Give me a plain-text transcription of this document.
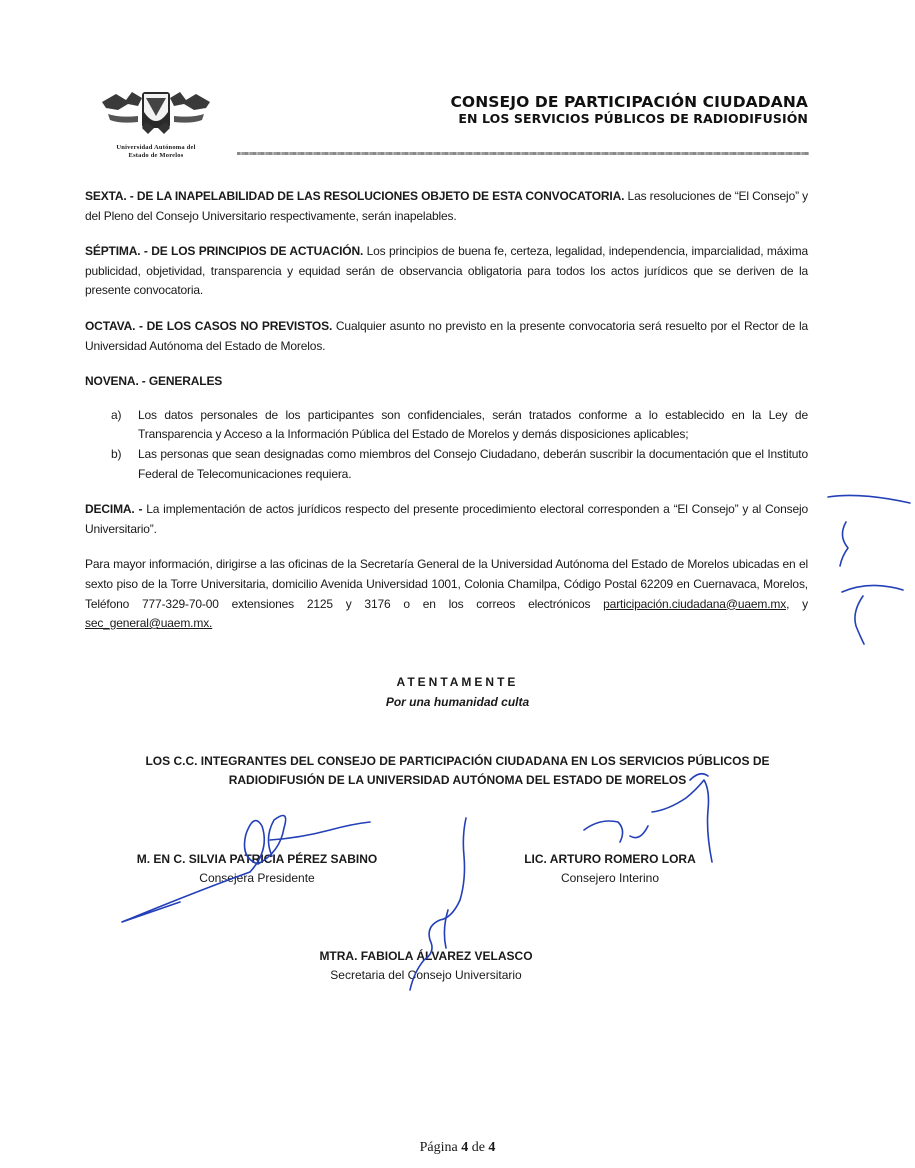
Universidad Autónoma del
Estado de Morelos
CONSEJO DE PARTICIPACIÓN CIUDADANA
EN LOS SERVICIOS PÚBLICOS DE RADIODIFUSIÓN

SEXTA. - DE LA INAPELABILIDAD DE LAS RESOLUCIONES OBJETO DE ESTA CONVOCATORIA. Las resoluciones de “El Consejo” y del Pleno del Consejo Universitario respectivamente, serán inapelables.

SÉPTIMA. - DE LOS PRINCIPIOS DE ACTUACIÓN. Los principios de buena fe, certeza, legalidad, independencia, imparcialidad, máxima publicidad, objetividad, transparencia y equidad serán de observancia obligatoria para todos los actos jurídicos que se deriven de la presente convocatoria.

OCTAVA. - DE LOS CASOS NO PREVISTOS. Cualquier asunto no previsto en la presente convocatoria será resuelto por el Rector de la Universidad Autónoma del Estado de Morelos.

NOVENA. - GENERALES

a) Los datos personales de los participantes son confidenciales, serán tratados conforme a lo establecido en la Ley de Transparencia y Acceso a la Información Pública del Estado de Morelos y demás disposiciones aplicables;
b) Las personas que sean designadas como miembros del Consejo Ciudadano, deberán suscribir la documentación que el Instituto Federal de Telecomunicaciones requiera.

DECIMA. - La implementación de actos jurídicos respecto del presente procedimiento electoral corresponden a “El Consejo” y al Consejo Universitario”.

Para mayor información, dirigirse a las oficinas de la Secretaría General de la Universidad Autónoma del Estado de Morelos ubicadas en el sexto piso de la Torre Universitaria, domicilio Avenida Universidad 1001, Colonia Chamilpa, Código Postal 62209 en Cuernavaca, Morelos, Teléfono 777-329-70-00 extensiones 2125 y 3176 o en los correos electrónicos participación.ciudadana@uaem.mx, y sec_general@uaem.mx.

ATENTAMENTE
Por una humanidad culta
LOS C.C. INTEGRANTES DEL CONSEJO DE PARTICIPACIÓN CIUDADANA EN LOS SERVICIOS PÚBLICOS DE
RADIODIFUSIÓN DE LA UNIVERSIDAD AUTÓNOMA DEL ESTADO DE MORELOS
M. EN C. SILVIA PATRICIA PÉREZ SABINO
Consejera Presidente
LIC. ARTURO ROMERO LORA
Consejero Interino
MTRA. FABIOLA ÁLVAREZ VELASCO
Secretaria del Consejo Universitario
Página 4 de 4
